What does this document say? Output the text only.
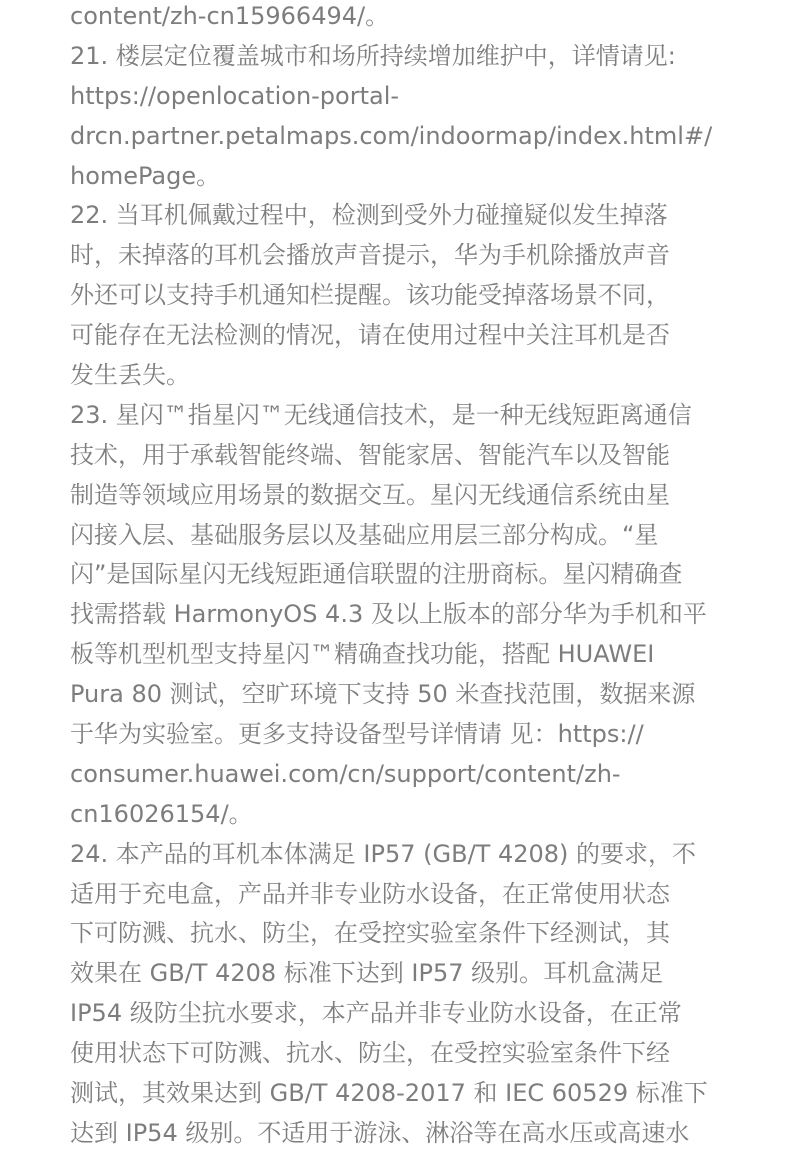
content/zh-cn15966494/。
21. 楼层定位覆盖城市和场所持续增加维护中，详情请见:
https://openlocation-portal-
drcn.partner.petalmaps.com/indoormap/index.html#/
homePage。
22. 当耳机佩戴过程中，检测到受外力碰撞疑似发生掉落
时，未掉落的耳机会播放声音提示，华为手机除播放声音
外还可以支持手机通知栏提醒。该功能受掉落场景不同，
可能存在无法检测的情况，请在使用过程中关注耳机是否
发生丢失。
23. 星闪™指星闪™无线通信技术，是一种无线短距离通信
技术，用于承载智能终端、智能家居、智能汽车以及智能
制造等领域应用场景的数据交互。星闪无线通信系统由星
闪接入层、基础服务层以及基础应用层三部分构成。“星
闪”是国际星闪无线短距通信联盟的注册商标。星闪精确查
找需搭载 HarmonyOS 4.3 及以上版本的部分华为手机和平
板等机型机型支持星闪™精确查找功能，搭配 HUAWEI
Pura 80 测试，空旷环境下支持 50 米查找范围，数据来源
于华为实验室。更多支持设备型号详情请 见：https://
consumer.huawei.com/cn/support/content/zh-
cn16026154/。
24. 本产品的耳机本体满足 IP57 (GB/T 4208) 的要求，不
适用于充电盒，产品并非专业防水设备，在正常使用状态
下可防溅、抗水、防尘，在受控实验室条件下经测试，其
效果在 GB/T 4208 标准下达到 IP57 级别。耳机盒满足
IP54 级防尘抗水要求，本产品并非专业防水设备，在正常
使用状态下可防溅、抗水、防尘，在受控实验室条件下经
测试，其效果达到 GB/T 4208-2017 和 IEC 60529 标准下
达到 IP54 级别。不适用于游泳、淋浴等在高水压或高速水
